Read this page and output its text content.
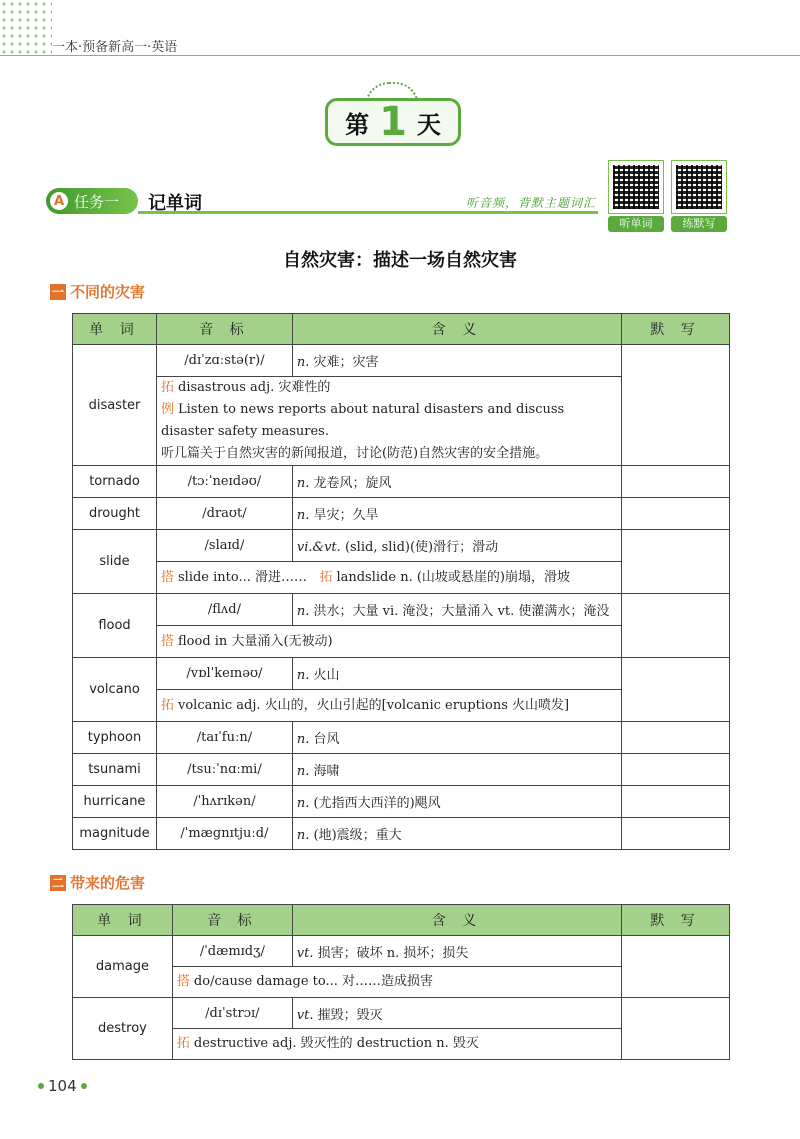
一本·预备新高一·英语
第 1 天
A 任务一 记单词	听音频，背默主题词汇
听单词	练默写
自然灾害：描述一场自然灾害
一 不同的灾害
单 词	音 标	含 义	默 写
disaster	/dɪˈzɑːstə(r)/	n. 灾难；灾害	

	拓 disastrous adj. 灾难性的
例 Listen to news reports about natural disasters and discuss disaster safety measures.
听几篇关于自然灾害的新闻报道，讨论(防范)自然灾害的安全措施。		

tornado	/tɔːˈneɪdəʊ/	n. 龙卷风；旋风	
drought	/draʊt/	n. 旱灾；久旱	
slide	/slaɪd/	vi.&vt. (slid, slid)(使)滑行；滑动	
	搭 slide into... 滑进…… 拓 landslide n. (山坡或悬崖的)崩塌，滑坡		
flood	/flʌd/	n. 洪水；大量 vi. 淹没；大量涌入 vt. 使灌满水；淹没	
	搭 flood in 大量涌入(无被动)		
volcano	/vɒlˈkeɪnəʊ/	n. 火山	
	拓 volcanic adj. 火山的，火山引起的[volcanic eruptions 火山喷发]		
typhoon	/taɪˈfuːn/	n. 台风	
tsunami	/tsuːˈnɑːmi/	n. 海啸	
hurricane	/ˈhʌrɪkən/	n. (尤指西大西洋的)飓风	
magnitude	/ˈmægnɪtjuːd/	n. (地)震级；重大	
二 带来的危害
单 词	音 标	含 义	默 写
damage	/ˈdæmɪdʒ/	vt. 损害；破坏 n. 损坏；损失	
	搭 do/cause damage to... 对……造成损害		
destroy	/dɪˈstrɔɪ/	vt. 摧毁；毁灭	
	拓 destructive adj. 毁灭性的 destruction n. 毁灭		
104
